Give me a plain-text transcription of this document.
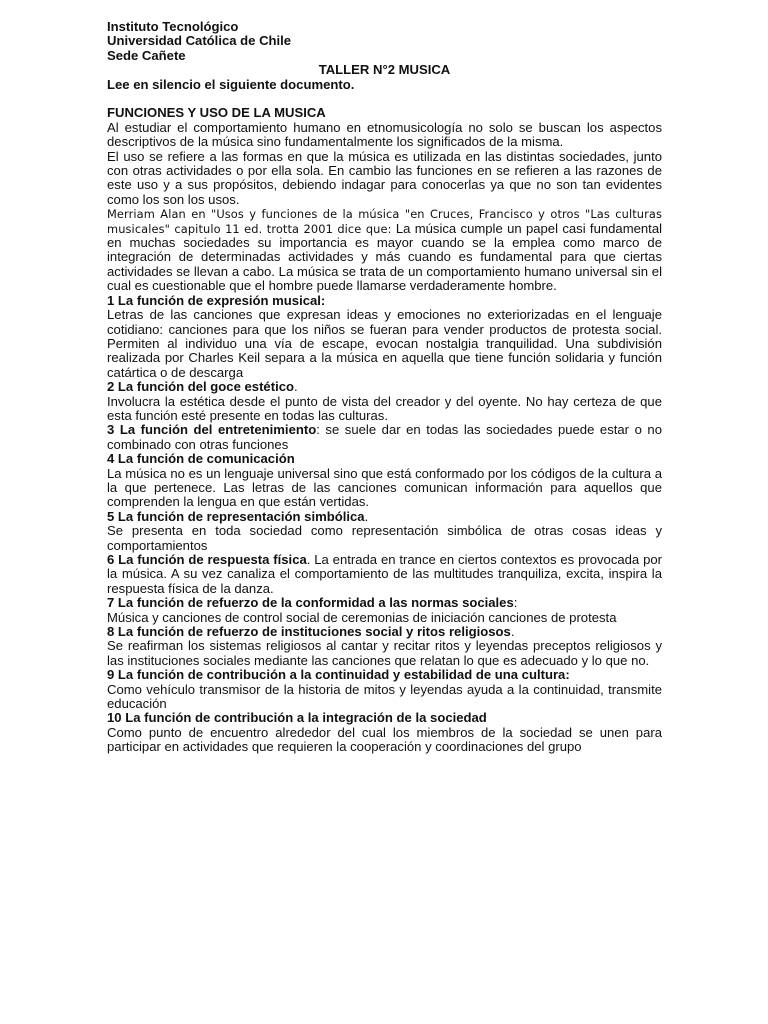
Instituto Tecnológico
Universidad Católica de Chile
Sede Cañete
TALLER N°2 MUSICA
Lee en silencio el siguiente documento.
FUNCIONES Y USO DE LA MUSICA

Al estudiar el comportamiento humano en etnomusicología no solo se buscan los aspectos descriptivos de la música sino fundamentalmente los significados de la misma.

El uso se refiere a las formas en que la música es utilizada en las distintas sociedades, junto con otras actividades o por ella sola. En cambio las funciones en se refieren a las razones de este uso y a sus propósitos, debiendo indagar para conocerlas ya que no son tan evidentes como los son los usos.

Merriam Alan en "Usos y funciones de la música "en Cruces, Francisco y otros "Las culturas musicales" capitulo 11 ed. trotta 2001 dice que: La música cumple un papel casi fundamental en muchas sociedades su importancia es mayor cuando se la emplea como marco de integración de determinadas actividades y más cuando es fundamental para que ciertas actividades se llevan a cabo. La música se trata de un comportamiento humano universal sin el cual es cuestionable que el hombre puede llamarse verdaderamente hombre.

1 La función de expresión musical:

Letras de las canciones que expresan ideas y emociones no exteriorizadas en el lenguaje cotidiano: canciones para que los niños se fueran para vender productos de protesta social. Permiten al individuo una vía de escape, evocan nostalgia tranquilidad. Una subdivisión realizada por Charles Keil separa a la música en aquella que tiene función solidaria y función catártica o de descarga

2 La función del goce estético.

Involucra la estética desde el punto de vista del creador y del oyente. No hay certeza de que esta función esté presente en todas las culturas.

3 La función del entretenimiento: se suele dar en todas las sociedades puede estar o no combinado con otras funciones

4 La función de comunicación

La música no es un lenguaje universal sino que está conformado por los códigos de la cultura a la que pertenece. Las letras de las canciones comunican información para aquellos que comprenden la lengua en que están vertidas.

5 La función de representación simbólica.

Se presenta en toda sociedad como representación simbólica de otras cosas ideas y comportamientos

6 La función de respuesta física. La entrada en trance en ciertos contextos es provocada por la música. A su vez canaliza el comportamiento de las multitudes tranquiliza, excita, inspira la respuesta física de la danza.

7 La función de refuerzo de la conformidad a las normas sociales:

Música y canciones de control social de ceremonias de iniciación canciones de protesta

8 La función de refuerzo de instituciones social y ritos religiosos.

Se reafirman los sistemas religiosos al cantar y recitar ritos y leyendas preceptos religiosos y las instituciones sociales mediante las canciones que relatan lo que es adecuado y lo que no.

9 La función de contribución a la continuidad y estabilidad de una cultura:

Como vehículo transmisor de la historia de mitos y leyendas ayuda a la continuidad, transmite educación

10 La función de contribución a la integración de la sociedad

Como punto de encuentro alrededor del cual los miembros de la sociedad se unen para participar en actividades que requieren la cooperación y coordinaciones del grupo
